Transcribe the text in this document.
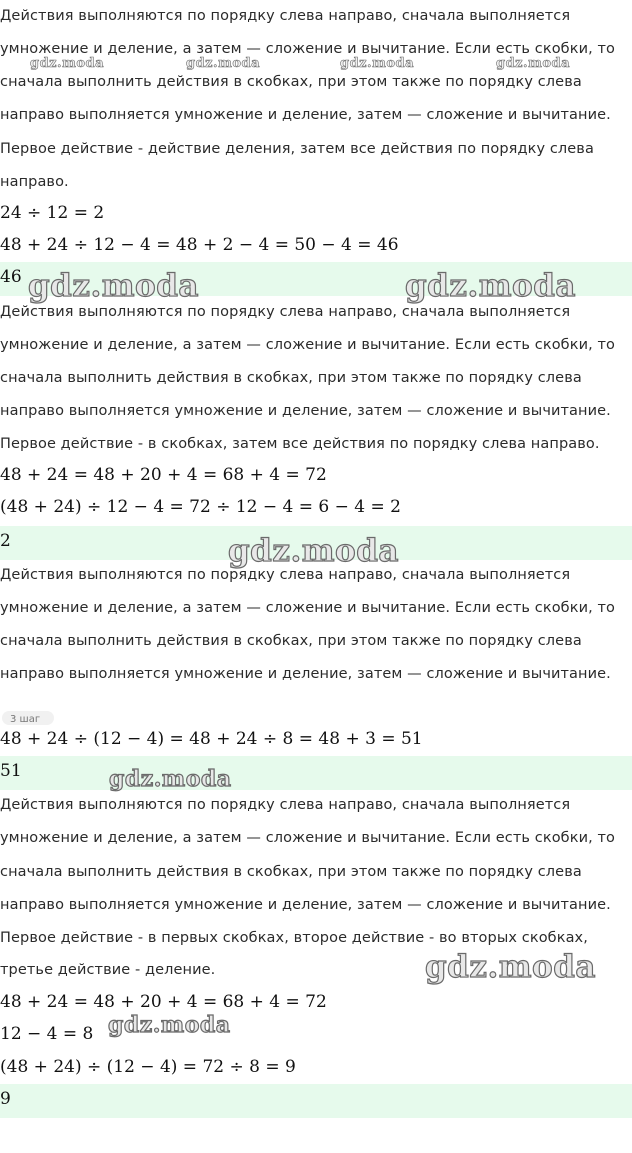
Действия выполняются по порядку слева направо, сначала выполняется
умножение и деление, а затем — сложение и вычитание. Если есть скобки, то
сначала выполнить действия в скобках, при этом также по порядку слева
направо выполняется умножение и деление, затем — сложение и вычитание.
Первое действие - действие деления, затем все действия по порядку слева
направо.
24 ÷ 12 = 2
48 + 24 ÷ 12 − 4 = 48 + 2 − 4 = 50 − 4 = 46
46
Действия выполняются по порядку слева направо, сначала выполняется
умножение и деление, а затем — сложение и вычитание. Если есть скобки, то
сначала выполнить действия в скобках, при этом также по порядку слева
направо выполняется умножение и деление, затем — сложение и вычитание.
Первое действие - в скобках, затем все действия по порядку слева направо.
48 + 24 = 48 + 20 + 4 = 68 + 4 = 72
(48 + 24) ÷ 12 − 4 = 72 ÷ 12 − 4 = 6 − 4 = 2
2
Действия выполняются по порядку слева направо, сначала выполняется
умножение и деление, а затем — сложение и вычитание. Если есть скобки, то
сначала выполнить действия в скобках, при этом также по порядку слева
направо выполняется умножение и деление, затем — сложение и вычитание.
3 шаг
48 + 24 ÷ (12 − 4) = 48 + 24 ÷ 8 = 48 + 3 = 51
51
Действия выполняются по порядку слева направо, сначала выполняется
умножение и деление, а затем — сложение и вычитание. Если есть скобки, то
сначала выполнить действия в скобках, при этом также по порядку слева
направо выполняется умножение и деление, затем — сложение и вычитание.
Первое действие - в первых скобках, второе действие - во вторых скобках,
третье действие - деление.
48 + 24 = 48 + 20 + 4 = 68 + 4 = 72
12 − 4 = 8
(48 + 24) ÷ (12 − 4) = 72 ÷ 8 = 9
9
gdz.moda	gdz.moda	gdz.moda	gdz.moda
gdz.moda	gdz.moda
gdz.moda
gdz.moda
gdz.moda
gdz.moda
